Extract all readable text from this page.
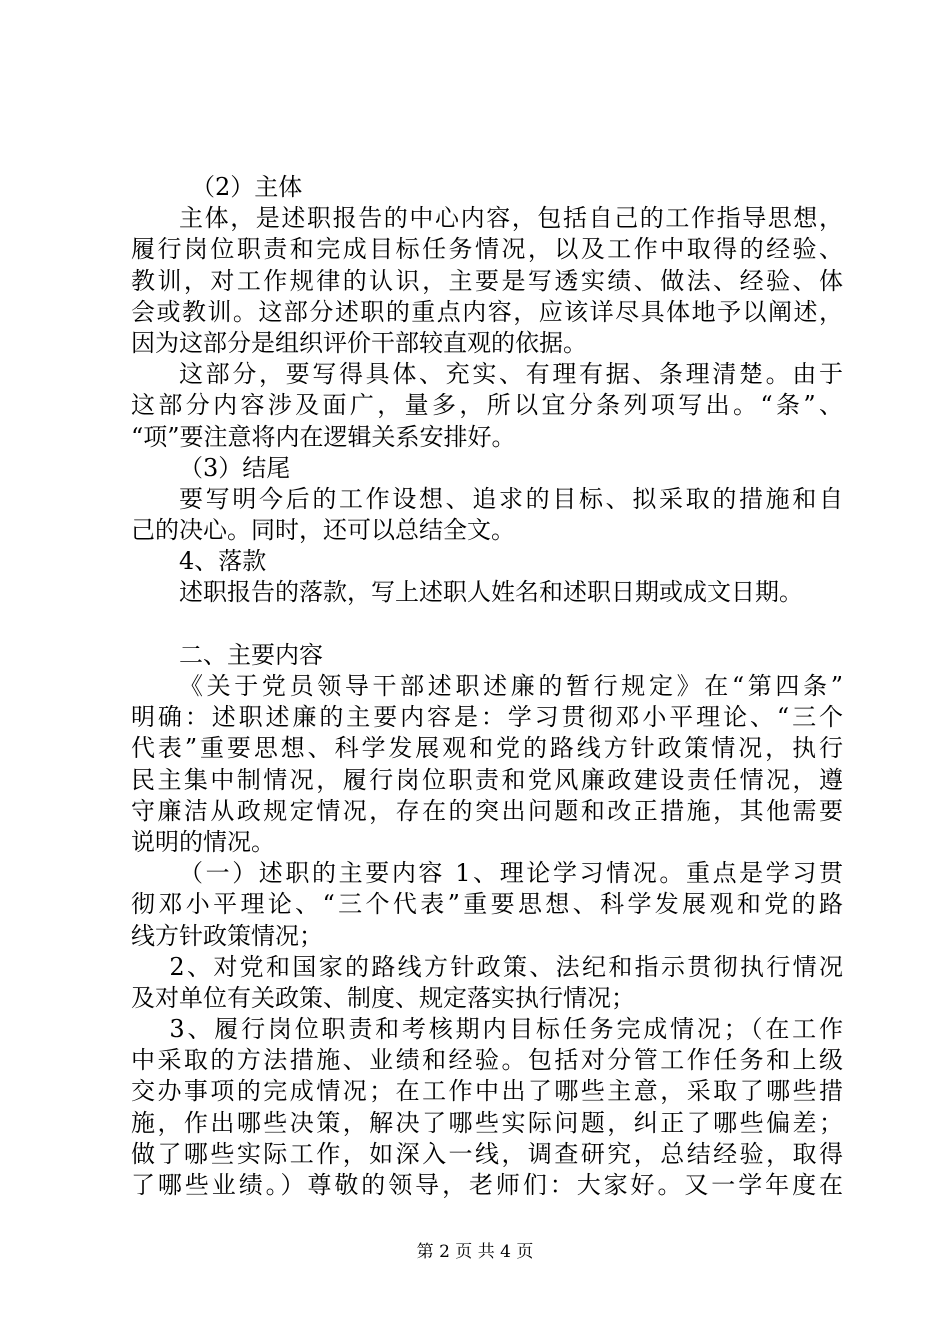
　（2）主体
主体，是述职报告的中心内容，包括自己的工作指导思想，
履行岗位职责和完成目标任务情况，以及工作中取得的经验、
教训，对工作规律的认识，主要是写透实绩、做法、经验、体
会或教训。这部分述职的重点内容，应该详尽具体地予以阐述，
因为这部分是组织评价干部较直观的依据。
这部分，要写得具体、充实、有理有据、条理清楚。由于
这部分内容涉及面广，量多，所以宜分条列项写出。“条”、
“项”要注意将内在逻辑关系安排好。
（3）结尾
要写明今后的工作设想、追求的目标、拟采取的措施和自
己的决心。同时，还可以总结全文。
4、落款
述职报告的落款，写上述职人姓名和述职日期或成文日期。
二、主要内容
《关于党员领导干部述职述廉的暂行规定》在“第四条”
明确：述职述廉的主要内容是：学习贯彻邓小平理论、“三个
代表”重要思想、科学发展观和党的路线方针政策情况，执行
民主集中制情况，履行岗位职责和党风廉政建设责任情况，遵
守廉洁从政规定情况，存在的突出问题和改正措施，其他需要
说明的情况。
（一）述职的主要内容 1、理论学习情况。重点是学习贯
彻邓小平理论、“三个代表”重要思想、科学发展观和党的路
线方针政策情况；
2、对党和国家的路线方针政策、法纪和指示贯彻执行情况
及对单位有关政策、制度、规定落实执行情况；
3、履行岗位职责和考核期内目标任务完成情况；（在工作
中采取的方法措施、业绩和经验。包括对分管工作任务和上级
交办事项的完成情况；在工作中出了哪些主意，采取了哪些措
施，作出哪些决策，解决了哪些实际问题，纠正了哪些偏差；
做了哪些实际工作，如深入一线，调查研究，总结经验，取得
了哪些业绩。）尊敬的领导，老师们：大家好。又一学年度在
第 2 页 共 4 页
